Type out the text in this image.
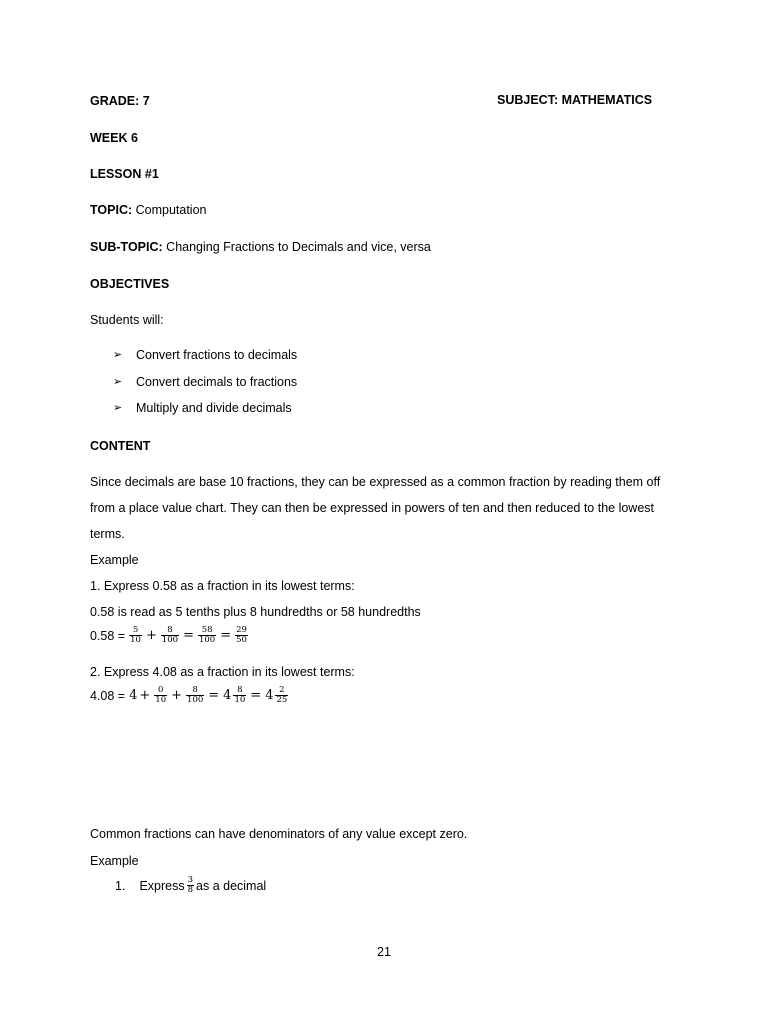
GRADE: 7	SUBJECT: MATHEMATICS
WEEK 6
LESSON #1
TOPIC: Computation
SUB-TOPIC: Changing Fractions to Decimals and vice, versa
OBJECTIVES
Students will:
➢ Convert fractions to decimals
➢ Convert decimals to fractions
➢ Multiply and divide decimals
CONTENT
Since decimals are base 10 fractions, they can be expressed as a common fraction by reading them off
from a place value chart. They can then be expressed in powers of ten and then reduced to the lowest
terms.
Example
1. Express 0.58 as a fraction in its lowest terms:
0.58 is read as 5 tenths plus 8 hundredths or 58 hundredths
$0.58 = \frac{5}{10} + \frac{8}{100} = \frac{58}{100} = \frac{29}{50}$
2. Express 4.08 as a fraction in its lowest terms:
$4.08 = 4 + \frac{0}{10} + \frac{8}{100} = 4 \frac{8}{10} = 4 \frac{2}{25}$
Common fractions can have denominators of any value except zero.
Example
1. Express $\frac{3}{8}$ as a decimal
21
